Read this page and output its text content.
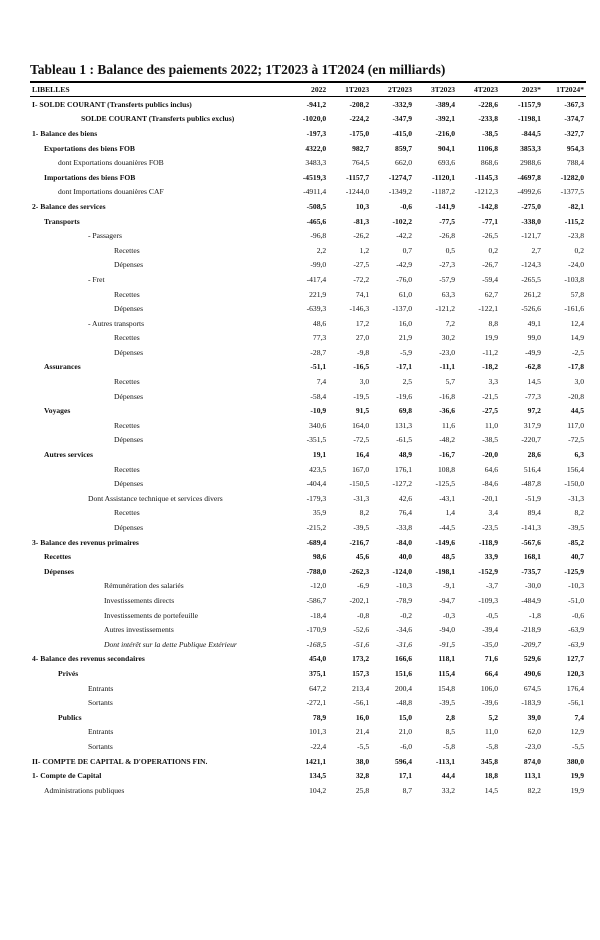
Tableau 1 : Balance des paiements 2022; 1T2023 à 1T2024 (en milliards)
LIBELLES	2022	1T2023	2T2023	3T2023	4T2023	2023*	1T2024*
I- SOLDE COURANT (Transferts publics inclus)	-941,2	-208,2	-332,9	-389,4	-228,6	-1157,9	-367,3
SOLDE COURANT (Transferts publics exclus)	-1020,0	-224,2	-347,9	-392,1	-233,8	-1198,1	-374,7
1- Balance des biens	-197,3	-175,0	-415,0	-216,0	-38,5	-844,5	-327,7
Exportations des biens FOB	4322,0	982,7	859,7	904,1	1106,8	3853,3	954,3
dont Exportations douanières FOB	3483,3	764,5	662,0	693,6	868,6	2988,6	788,4
Importations des biens FOB	-4519,3	-1157,7	-1274,7	-1120,1	-1145,3	-4697,8	-1282,0
dont Importations douanières CAF	-4911,4	-1244,0	-1349,2	-1187,2	-1212,3	-4992,6	-1377,5
2- Balance des services	-508,5	10,3	-0,6	-141,9	-142,8	-275,0	-82,1
Transports	-465,6	-81,3	-102,2	-77,5	-77,1	-338,0	-115,2
- Passagers	-96,8	-26,2	-42,2	-26,8	-26,5	-121,7	-23,8
Recettes	2,2	1,2	0,7	0,5	0,2	2,7	0,2
Dépenses	-99,0	-27,5	-42,9	-27,3	-26,7	-124,3	-24,0
- Fret	-417,4	-72,2	-76,0	-57,9	-59,4	-265,5	-103,8
Recettes	221,9	74,1	61,0	63,3	62,7	261,2	57,8
Dépenses	-639,3	-146,3	-137,0	-121,2	-122,1	-526,6	-161,6
- Autres transports	48,6	17,2	16,0	7,2	8,8	49,1	12,4
Recettes	77,3	27,0	21,9	30,2	19,9	99,0	14,9
Dépenses	-28,7	-9,8	-5,9	-23,0	-11,2	-49,9	-2,5
Assurances	-51,1	-16,5	-17,1	-11,1	-18,2	-62,8	-17,8
Recettes	7,4	3,0	2,5	5,7	3,3	14,5	3,0
Dépenses	-58,4	-19,5	-19,6	-16,8	-21,5	-77,3	-20,8
Voyages	-10,9	91,5	69,8	-36,6	-27,5	97,2	44,5
Recettes	340,6	164,0	131,3	11,6	11,0	317,9	117,0
Dépenses	-351,5	-72,5	-61,5	-48,2	-38,5	-220,7	-72,5
Autres services	19,1	16,4	48,9	-16,7	-20,0	28,6	6,3
Recettes	423,5	167,0	176,1	108,8	64,6	516,4	156,4
Dépenses	-404,4	-150,5	-127,2	-125,5	-84,6	-487,8	-150,0
Dont Assistance technique et services divers	-179,3	-31,3	42,6	-43,1	-20,1	-51,9	-31,3
Recettes	35,9	8,2	76,4	1,4	3,4	89,4	8,2
Dépenses	-215,2	-39,5	-33,8	-44,5	-23,5	-141,3	-39,5
3- Balance des revenus primaires	-689,4	-216,7	-84,0	-149,6	-118,9	-567,6	-85,2
Recettes	98,6	45,6	40,0	48,5	33,9	168,1	40,7
Dépenses	-788,0	-262,3	-124,0	-198,1	-152,9	-735,7	-125,9
Rémunération des salariés	-12,0	-6,9	-10,3	-9,1	-3,7	-30,0	-10,3
Investissements directs	-586,7	-202,1	-78,9	-94,7	-109,3	-484,9	-51,0
Investissements de portefeuille	-18,4	-0,8	-0,2	-0,3	-0,5	-1,8	-0,6
Autres investissements	-170,9	-52,6	-34,6	-94,0	-39,4	-218,9	-63,9
Dont intérêt sur la dette Publique Extérieur	-168,5	-51,6	-31,6	-91,5	-35,0	-209,7	-63,9
4- Balance des revenus secondaires	454,0	173,2	166,6	118,1	71,6	529,6	127,7
Privés	375,1	157,3	151,6	115,4	66,4	490,6	120,3
Entrants	647,2	213,4	200,4	154,8	106,0	674,5	176,4
Sortants	-272,1	-56,1	-48,8	-39,5	-39,6	-183,9	-56,1
Publics	78,9	16,0	15,0	2,8	5,2	39,0	7,4
Entrants	101,3	21,4	21,0	8,5	11,0	62,0	12,9
Sortants	-22,4	-5,5	-6,0	-5,8	-5,8	-23,0	-5,5
II- COMPTE DE CAPITAL & D'OPERATIONS FIN.	1421,1	38,0	596,4	-113,1	345,8	874,0	380,0
1- Compte de Capital	134,5	32,8	17,1	44,4	18,8	113,1	19,9
Administrations publiques	104,2	25,8	8,7	33,2	14,5	82,2	19,9
